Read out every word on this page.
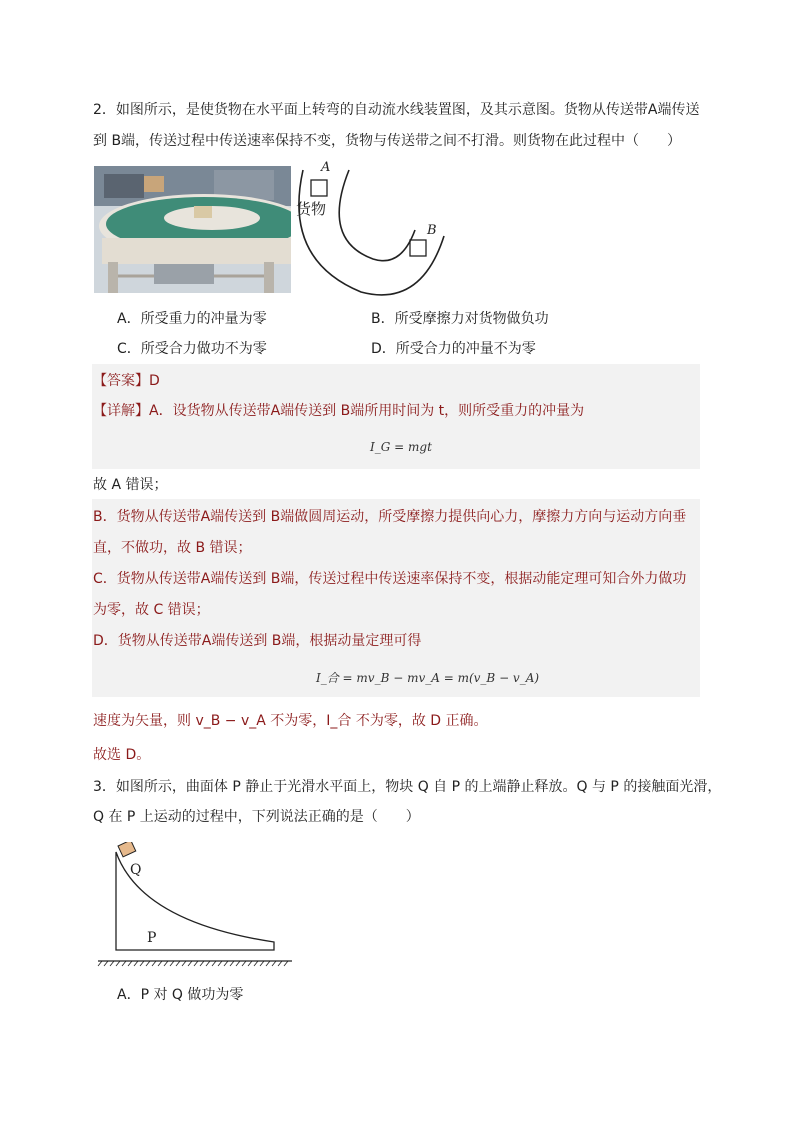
2．如图所示，是使货物在水平面上转弯的自动流水线装置图，及其示意图。货物从传送带A端传送
到 B端，传送过程中传送速率保持不变，货物与传送带之间不打滑。则货物在此过程中（　　）
A
B
货物
A．所受重力的冲量为零	B．所受摩擦力对货物做负功
C．所受合力做功不为零	D．所受合力的冲量不为零
【答案】D
【详解】A．设货物从传送带A端传送到 B端所用时间为 t，则所受重力的冲量为
I_G = mgt
故 A 错误；
B．货物从传送带A端传送到 B端做圆周运动，所受摩擦力提供向心力，摩擦力方向与运动方向垂
直，不做功，故 B 错误；
C．货物从传送带A端传送到 B端，传送过程中传送速率保持不变，根据动能定理可知合外力做功
为零，故 C 错误；
D．货物从传送带A端传送到 B端，根据动量定理可得
I_合 = mv_B − mv_A = m(v_B − v_A)
速度为矢量，则 v_B − v_A 不为零，I_合 不为零，故 D 正确。
故选 D。
3．如图所示，曲面体 P 静止于光滑水平面上，物块 Q 自 P 的上端静止释放。Q 与 P 的接触面光滑，
Q 在 P 上运动的过程中，下列说法正确的是（　　）
Q
P
A．P 对 Q 做功为零
